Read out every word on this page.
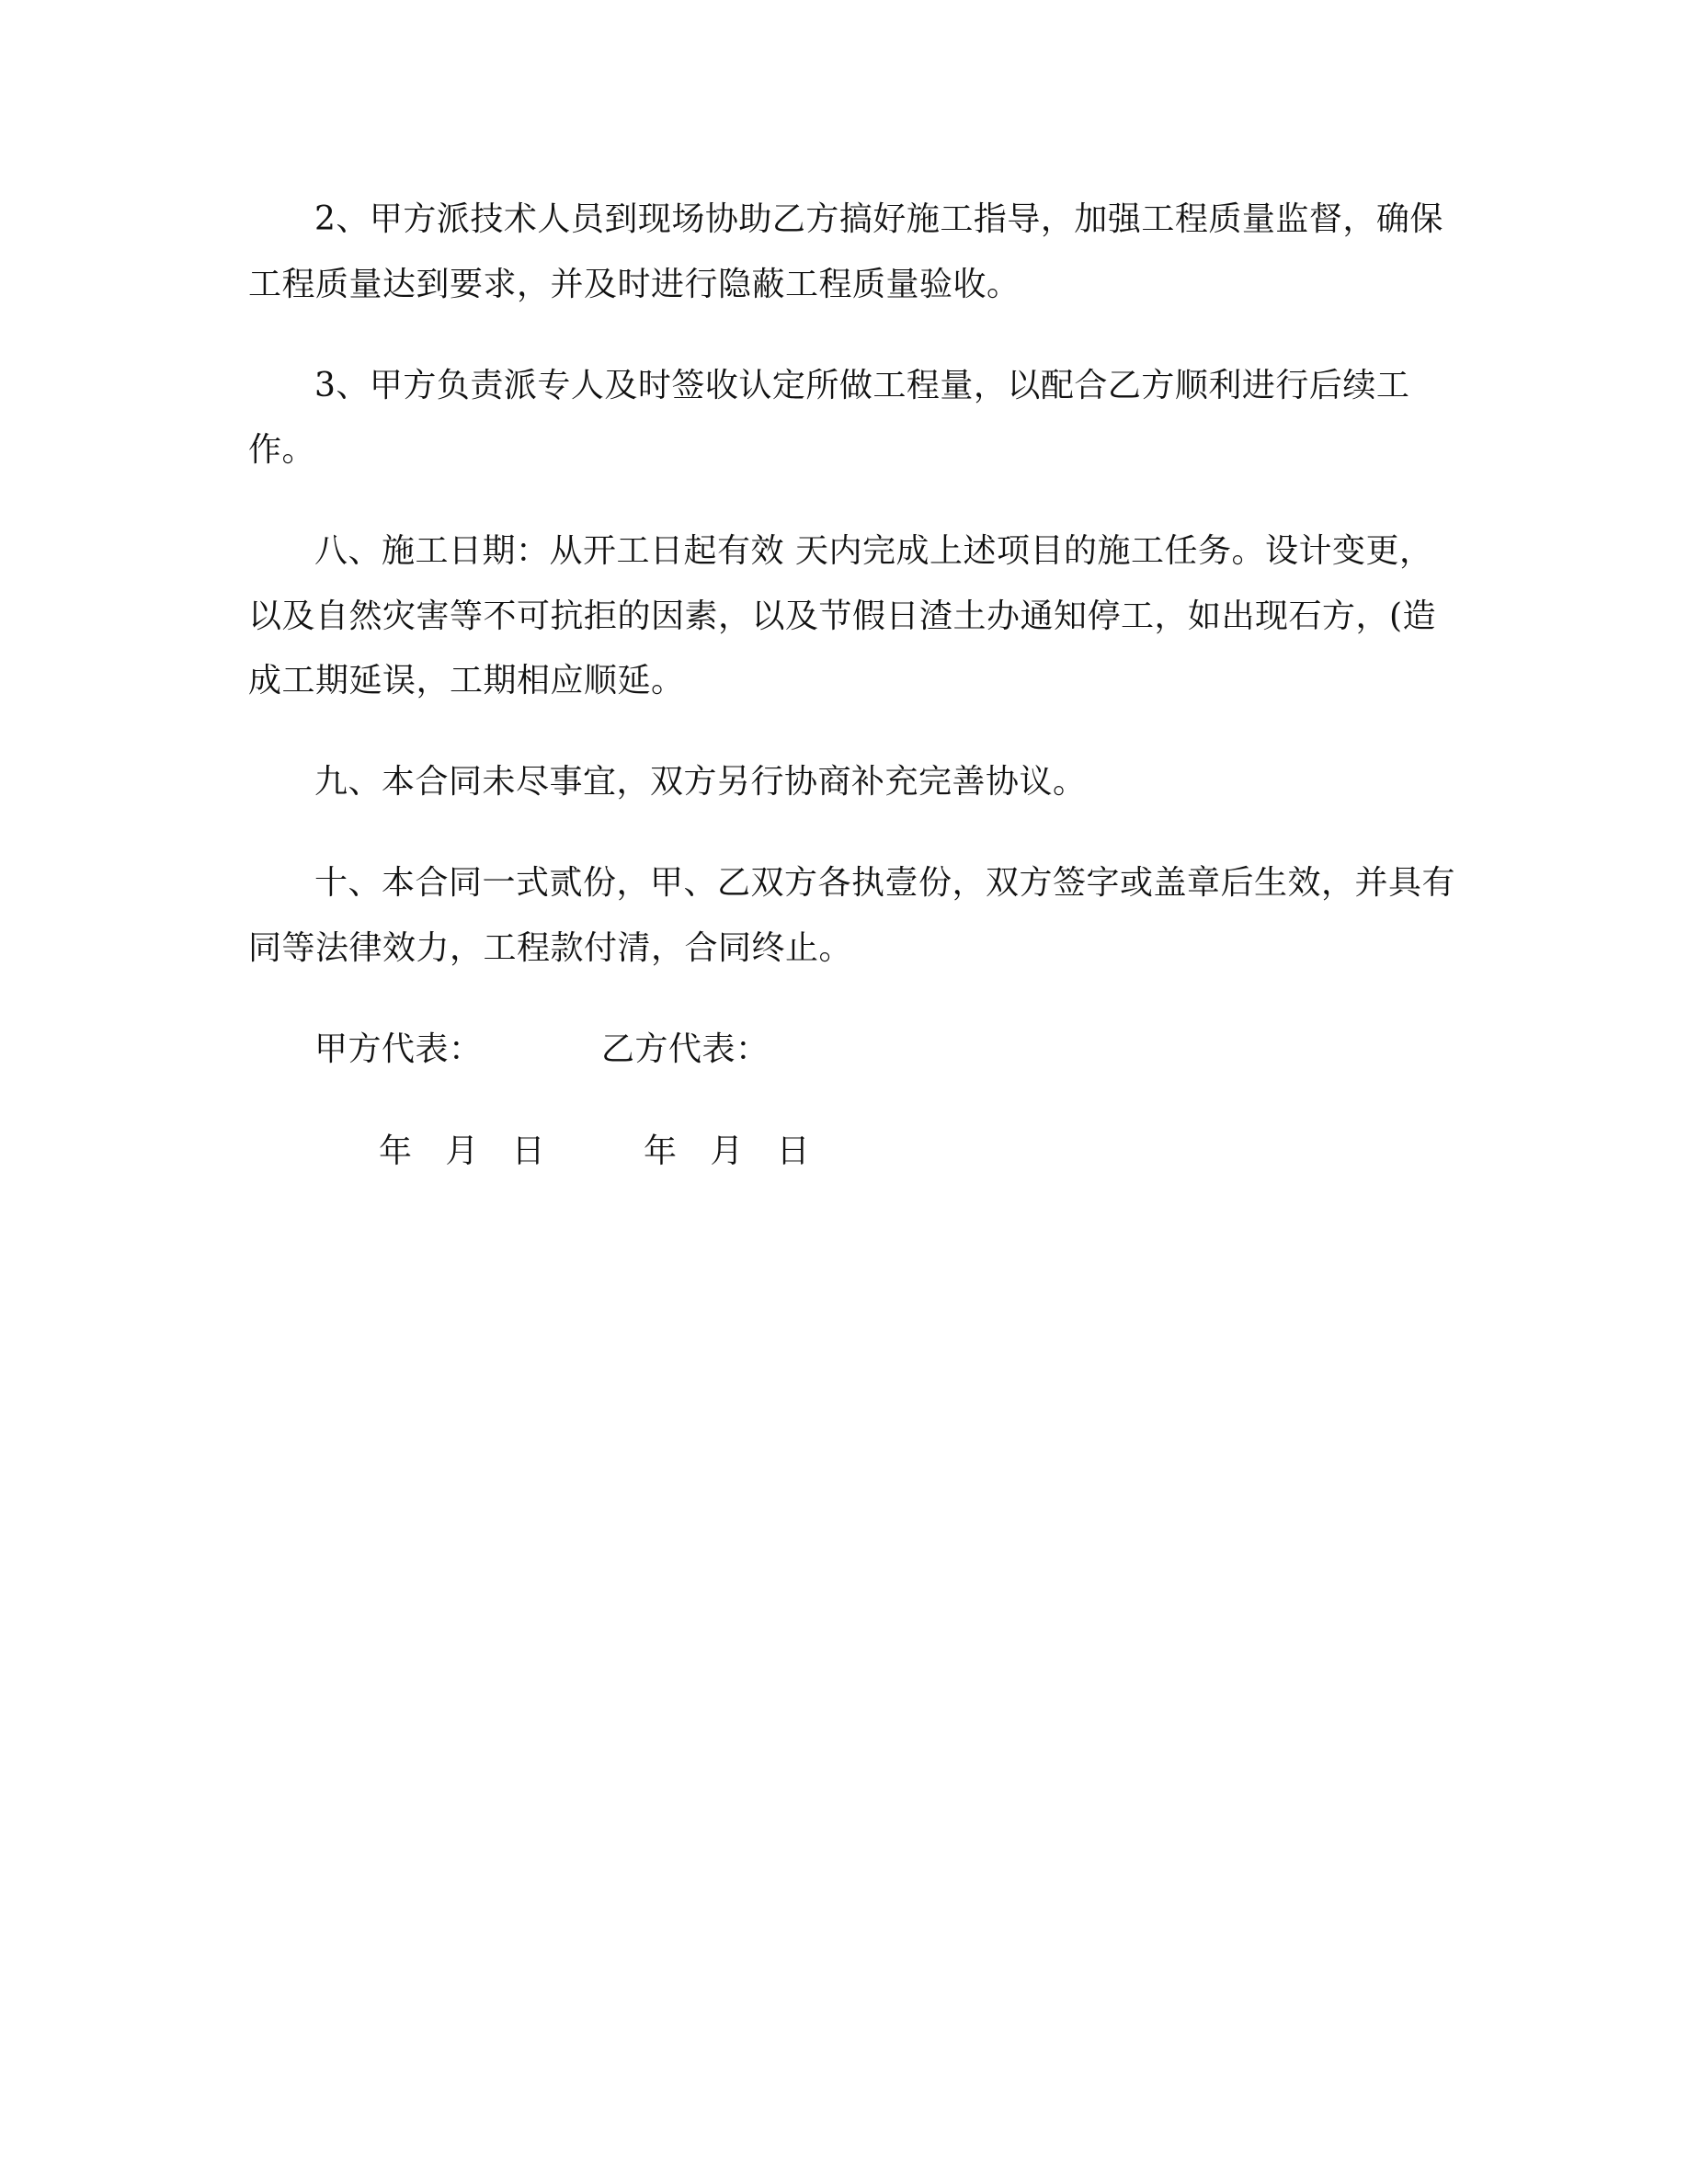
2、甲方派技术人员到现场协助乙方搞好施工指导，加强工程质量监督，确保
工程质量达到要求，并及时进行隐蔽工程质量验收。
3、甲方负责派专人及时签收认定所做工程量，以配合乙方顺利进行后续工
作。
八、施工日期：从开工日起有效 天内完成上述项目的施工任务。设计变更，
以及自然灾害等不可抗拒的因素，以及节假日渣土办通知停工，如出现石方，(造
成工期延误，工期相应顺延。
九、本合同未尽事宜，双方另行协商补充完善协议。
十、本合同一式贰份，甲、乙双方各执壹份，双方签字或盖章后生效，并具有
同等法律效力，工程款付清，合同终止。
甲方代表：	乙方代表：
年   月   日	年   月   日
